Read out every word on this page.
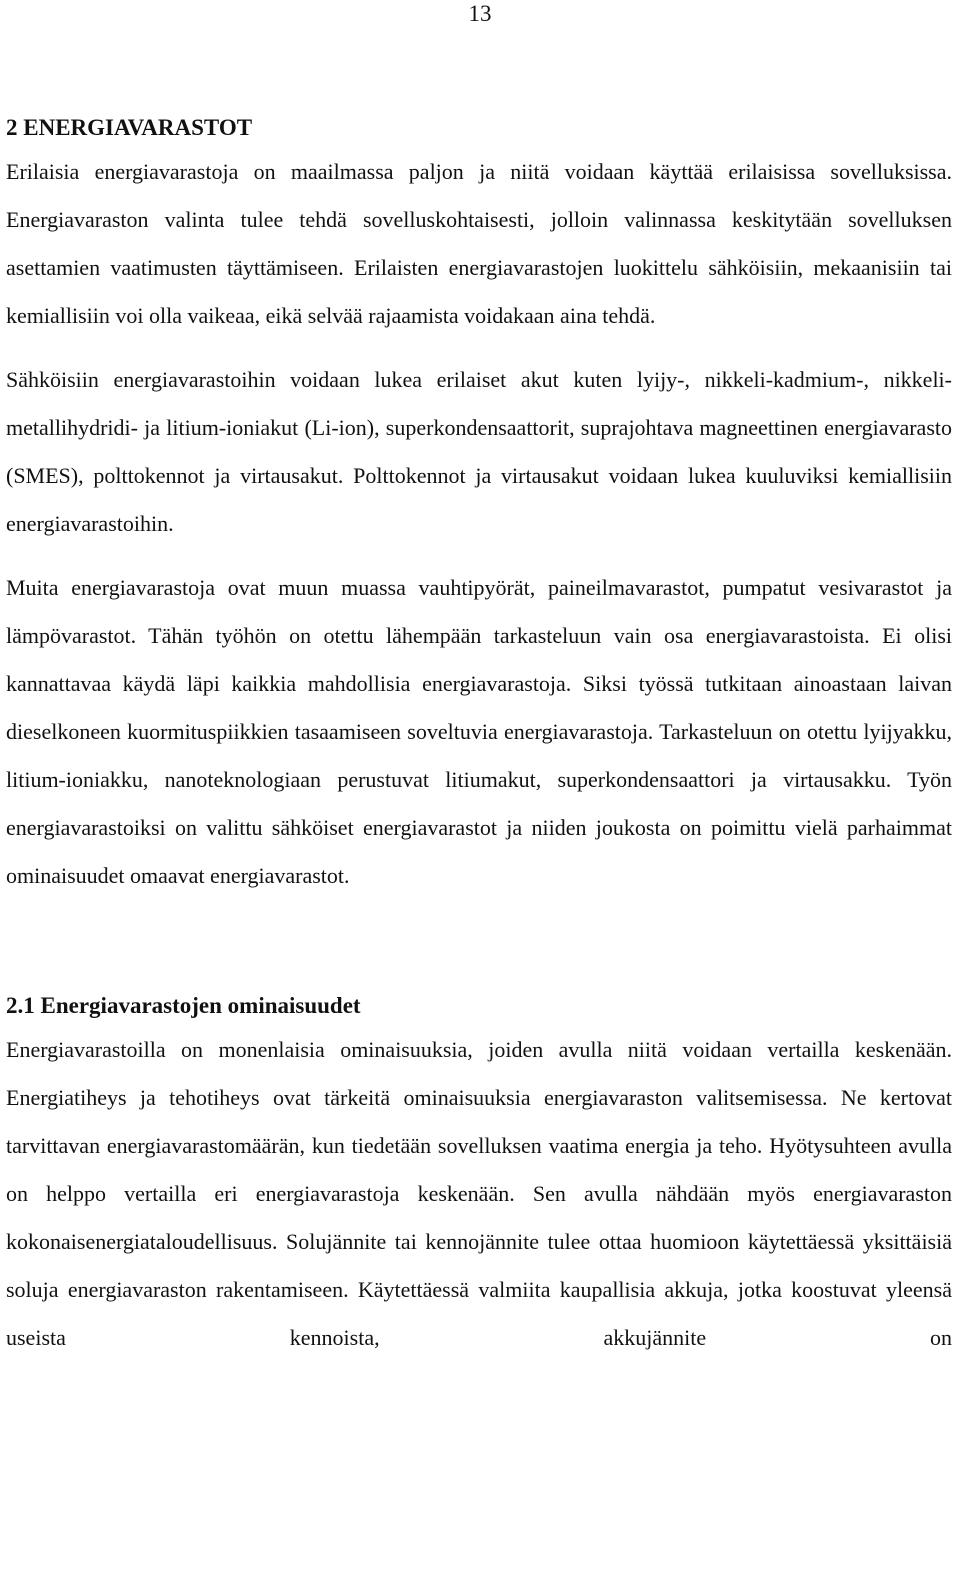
13
2 ENERGIAVARASTOT

Erilaisia energiavarastoja on maailmassa paljon ja niitä voidaan käyttää erilaisissa sovelluksissa. Energiavaraston valinta tulee tehdä sovelluskohtaisesti, jolloin valinnassa keskitytään sovelluksen asettamien vaatimusten täyttämiseen. Erilaisten energiavarastojen luokittelu sähköisiin, mekaanisiin tai kemiallisiin voi olla vaikeaa, eikä selvää rajaamista voidakaan aina tehdä.

Sähköisiin energiavarastoihin voidaan lukea erilaiset akut kuten lyijy-, nikkeli-kadmium-, nikkeli-metallihydridi- ja litium-ioniakut (Li-ion), superkondensaattorit, suprajohtava magneettinen energiavarasto (SMES), polttokennot ja virtausakut. Polttokennot ja virtausakut voidaan lukea kuuluviksi kemiallisiin energiavarastoihin.

Muita energiavarastoja ovat muun muassa vauhtipyörät, paineilmavarastot, pumpatut vesivarastot ja lämpövarastot. Tähän työhön on otettu lähempään tarkasteluun vain osa energiavarastoista. Ei olisi kannattavaa käydä läpi kaikkia mahdollisia energiavarastoja. Siksi työssä tutkitaan ainoastaan laivan dieselkoneen kuormituspiikkien tasaamiseen soveltuvia energiavarastoja. Tarkasteluun on otettu lyijyakku, litium-ioniakku, nanoteknologiaan perustuvat litiumakut, superkondensaattori ja virtausakku. Työn energiavarastoiksi on valittu sähköiset energiavarastot ja niiden joukosta on poimittu vielä parhaimmat ominaisuudet omaavat energiavarastot.

2.1 Energiavarastojen ominaisuudet

Energiavarastoilla on monenlaisia ominaisuuksia, joiden avulla niitä voidaan vertailla keskenään. Energiatiheys ja tehotiheys ovat tärkeitä ominaisuuksia energiavaraston valitsemisessa. Ne kertovat tarvittavan energiavarastomäärän, kun tiedetään sovelluksen vaatima energia ja teho. Hyötysuhteen avulla on helppo vertailla eri energiavarastoja keskenään. Sen avulla nähdään myös energiavaraston kokonaisenergiataloudellisuus. Solujännite tai kennojännite tulee ottaa huomioon käytettäessä yksittäisiä soluja energiavaraston rakentamiseen. Käytettäessä valmiita kaupallisia akkuja, jotka koostuvat yleensä useista kennoista, akkujännite on
